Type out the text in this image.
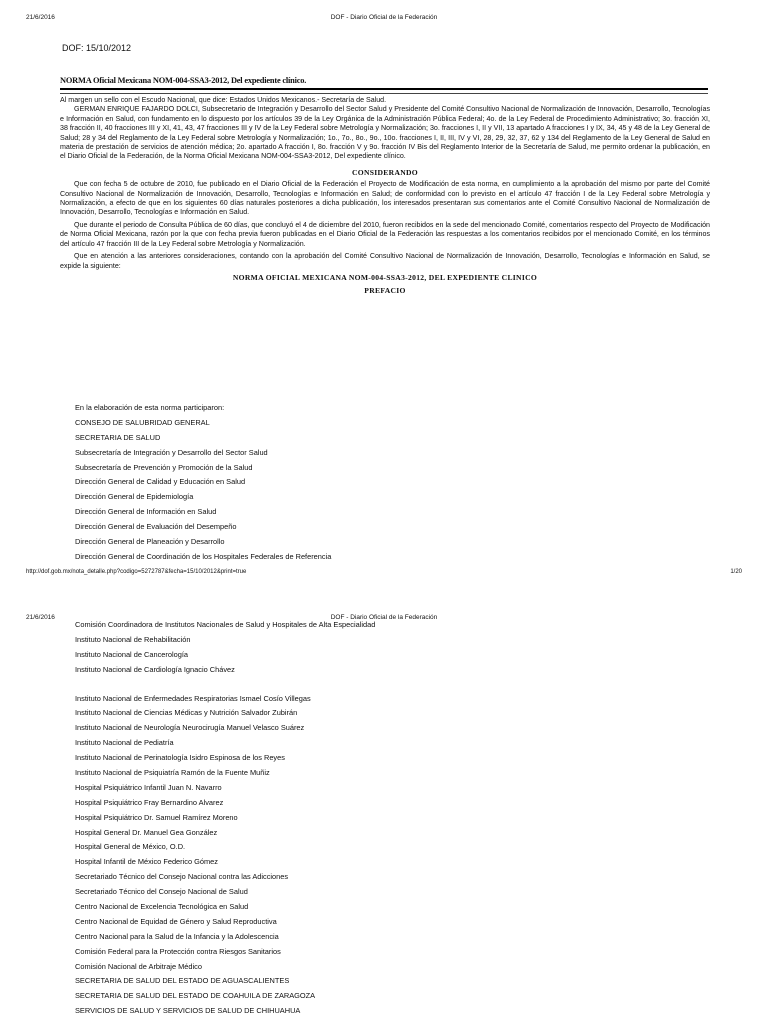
21/6/2016	DOF - Diario Oficial de la Federación
DOF: 15/10/2012
NORMA Oficial Mexicana NOM-004-SSA3-2012, Del expediente clínico.

Al margen un sello con el Escudo Nacional, que dice: Estados Unidos Mexicanos.- Secretaría de Salud.

GERMAN ENRIQUE FAJARDO DOLCI, Subsecretario de Integración y Desarrollo del Sector Salud y Presidente del Comité Consultivo Nacional de Normalización de Innovación, Desarrollo, Tecnologías e Información en Salud, con fundamento en lo dispuesto por los artículos 39 de la Ley Orgánica de la Administración Pública Federal; 4o. de la Ley Federal de Procedimiento Administrativo; 3o. fracción XI, 38 fracción II, 40 fracciones III y XI, 41, 43, 47 fracciones III y IV de la Ley Federal sobre Metrología y Normalización; 3o. fracciones I, II y VII, 13 apartado A fracciones I y IX, 34, 45 y 48 de la Ley General de Salud; 28 y 34 del Reglamento de la Ley Federal sobre Metrología y Normalización; 1o., 7o., 8o., 9o., 10o. fracciones I, II, III, IV y VI, 28, 29, 32, 37, 62 y 134 del Reglamento de la Ley General de Salud en materia de prestación de servicios de atención médica; 2o. apartado A fracción I, 8o. fracción V y 9o. fracción IV Bis del Reglamento Interior de la Secretaría de Salud, me permito ordenar la publicación, en el Diario Oficial de la Federación, de la Norma Oficial Mexicana NOM-004-SSA3-2012, Del expediente clínico.

CONSIDERANDO

Que con fecha 5 de octubre de 2010, fue publicado en el Diario Oficial de la Federación el Proyecto de Modificación de esta norma, en cumplimiento a la aprobación del mismo por parte del Comité Consultivo Nacional de Normalización de Innovación, Desarrollo, Tecnologías e Información en Salud; de conformidad con lo previsto en el artículo 47 fracción I de la Ley Federal sobre Metrología y Normalización, a efecto de que en los siguientes 60 días naturales posteriores a dicha publicación, los interesados presentaran sus comentarios ante el Comité Consultivo Nacional de Normalización de Innovación, Desarrollo, Tecnologías e Información en Salud.

Que durante el periodo de Consulta Pública de 60 días, que concluyó el 4 de diciembre del 2010, fueron recibidos en la sede del mencionado Comité, comentarios respecto del Proyecto de Modificación de Norma Oficial Mexicana, razón por la que con fecha previa fueron publicadas en el Diario Oficial de la Federación las respuestas a los comentarios recibidos por el mencionado Comité, en los términos del artículo 47 fracción III de la Ley Federal sobre Metrología y Normalización.

Que en atención a las anteriores consideraciones, contando con la aprobación del Comité Consultivo Nacional de Normalización de Innovación, Desarrollo, Tecnologías e Información en Salud, se expide la siguiente:

NORMA OFICIAL MEXICANA NOM-004-SSA3-2012, DEL EXPEDIENTE CLINICO
PREFACIO
En la elaboración de esta norma participaron:
CONSEJO DE SALUBRIDAD GENERAL
SECRETARIA DE SALUD
Subsecretaría de Integración y Desarrollo del Sector Salud
Subsecretaría de Prevención y Promoción de la Salud
Dirección General de Calidad y Educación en Salud
Dirección General de Epidemiología
Dirección General de Información en Salud
Dirección General de Evaluación del Desempeño
Dirección General de Planeación y Desarrollo
Dirección General de Coordinación de los Hospitales Federales de Referencia
http://dof.gob.mx/nota_detalle.php?codigo=5272787&fecha=15/10/2012&print=true	1/20
21/6/2016	DOF - Diario Oficial de la Federación
Comisión Coordinadora de Institutos Nacionales de Salud y Hospitales de Alta Especialidad
Instituto Nacional de Rehabilitación
Instituto Nacional de Cancerología
Instituto Nacional de Cardiología Ignacio Chávez
Instituto Nacional de Enfermedades Respiratorias Ismael Cosío Villegas
Instituto Nacional de Ciencias Médicas y Nutrición Salvador Zubirán
Instituto Nacional de Neurología Neurocirugía Manuel Velasco Suárez
Instituto Nacional de Pediatría
Instituto Nacional de Perinatología Isidro Espinosa de los Reyes
Instituto Nacional de Psiquiatría Ramón de la Fuente Muñiz
Hospital Psiquiátrico Infantil Juan N. Navarro
Hospital Psiquiátrico Fray Bernardino Alvarez
Hospital Psiquiátrico Dr. Samuel Ramírez Moreno
Hospital General Dr. Manuel Gea González
Hospital General de México, O.D.
Hospital Infantil de México Federico Gómez
Secretariado Técnico del Consejo Nacional contra las Adicciones
Secretariado Técnico del Consejo Nacional de Salud
Centro Nacional de Excelencia Tecnológica en Salud
Centro Nacional de Equidad de Género y Salud Reproductiva
Centro Nacional para la Salud de la Infancia y la Adolescencia
Comisión Federal para la Protección contra Riesgos Sanitarios
Comisión Nacional de Arbitraje Médico
SECRETARIA DE SALUD DEL ESTADO DE AGUASCALIENTES
SECRETARIA DE SALUD DEL ESTADO DE COAHUILA DE ZARAGOZA
SERVICIOS DE SALUD Y SERVICIOS DE SALUD DE CHIHUAHUA
